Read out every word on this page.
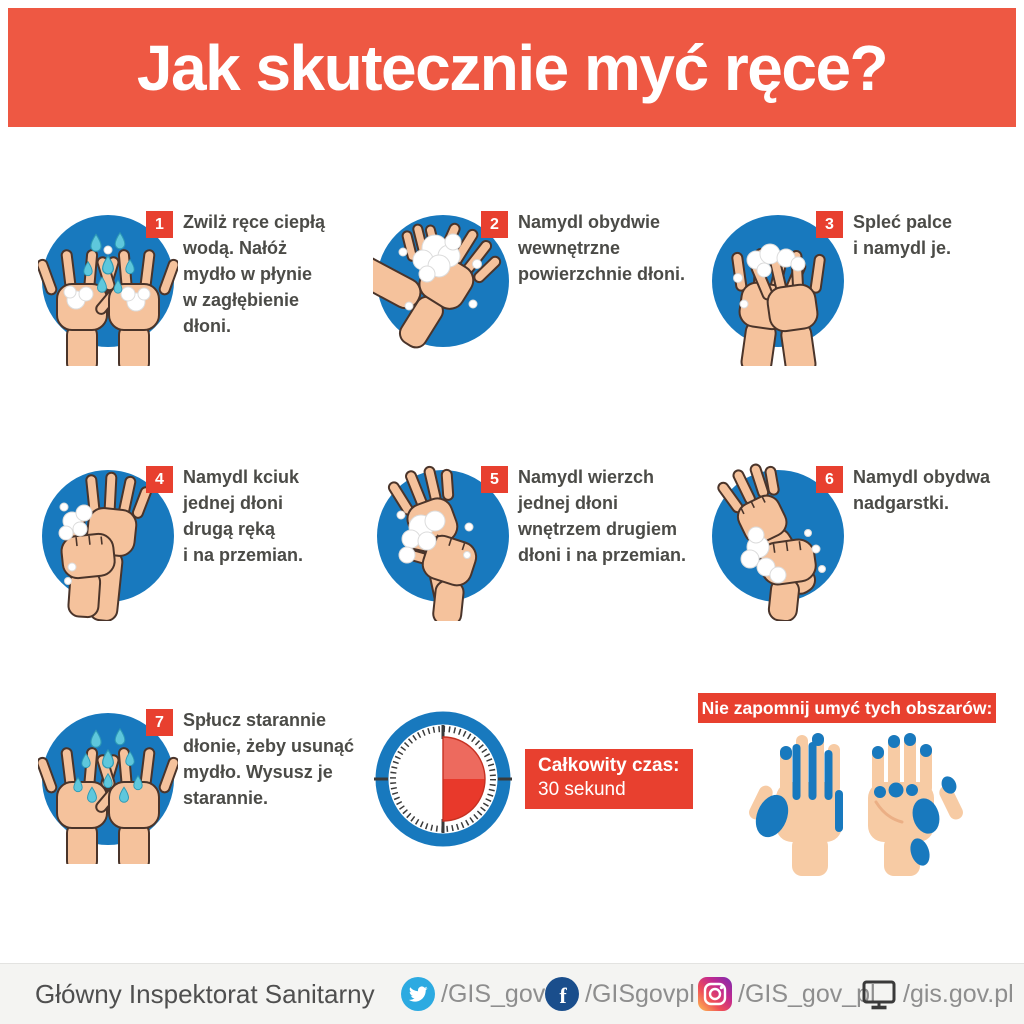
Jak skutecznie myć ręce?
1	Zwilż ręce ciepłą wodą. Nałóż mydło w płynie w zagłębienie dłoni.
2	Namydl obydwie wewnętrzne powierzchnie dłoni.
3	Spleć palce i namydl je.
4	Namydl kciuk jednej dłoni drugą ręką i na przemian.
5	Namydl wierzch jednej dłoni wnętrzem drugiem dłoni i na przemian.
6	Namydl obydwa nadgarstki.
7	Spłucz starannie dłonie, żeby usunąć mydło. Wysusz je starannie.
Całkowity czas:
30 sekund
Nie zapomnij umyć tych obszarów:
Główny Inspektorat Sanitarny	/GIS_gov f /GISgovpl /GIS_gov_pl /gis.gov.pl
